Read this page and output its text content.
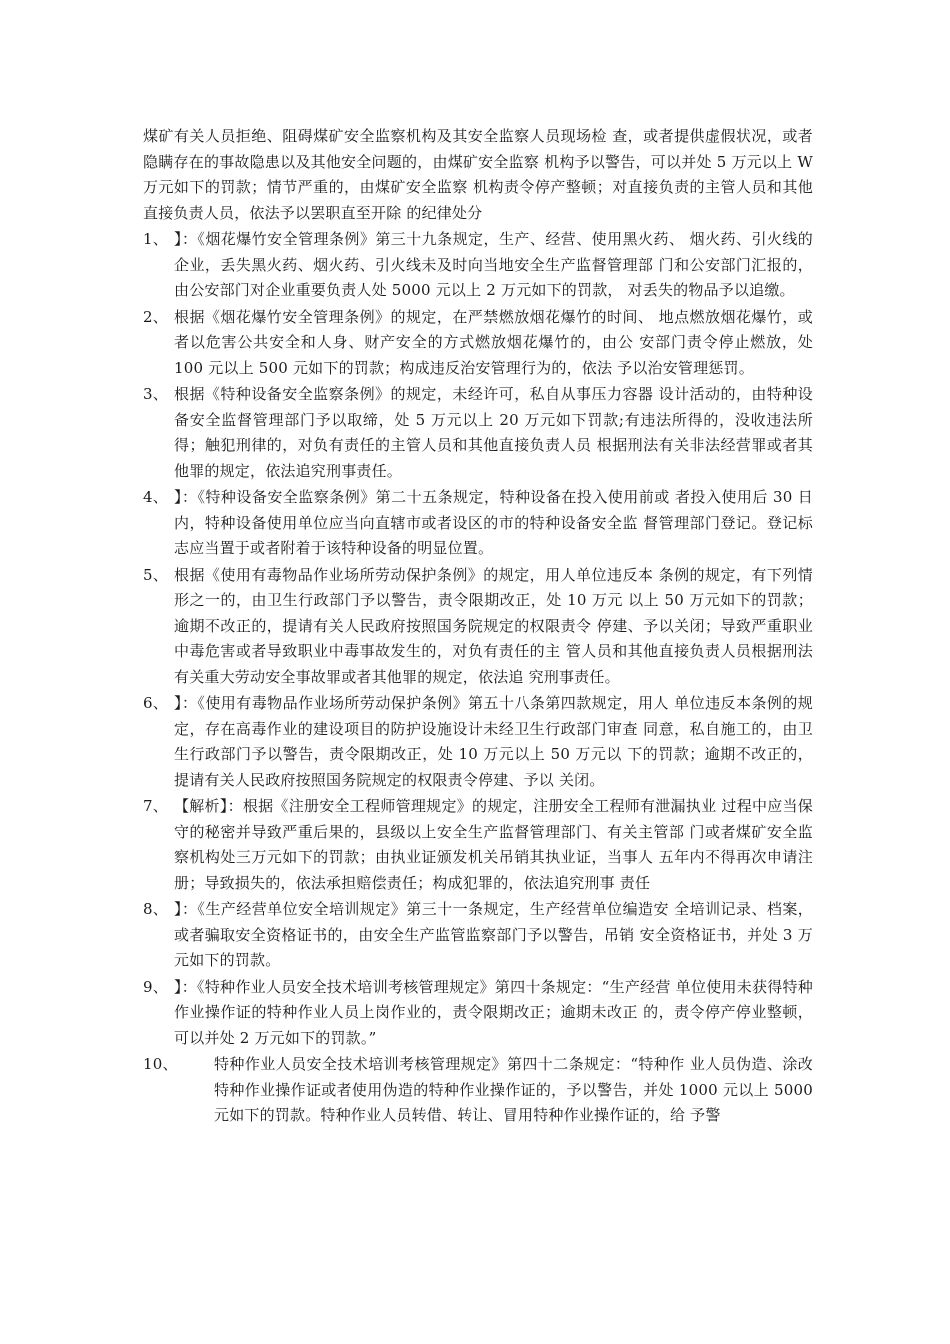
煤矿有关人员拒绝、阻碍煤矿安全监察机构及其安全监察人员现场检 查，或者提供虚假状况，或者隐瞒存在的事故隐患以及其他安全问题的，由煤矿安全监察 机构予以警告，可以并处 5 万元以上 W 万元如下的罚款；情节严重的，由煤矿安全监察 机构责令停产整顿；对直接负责的主管人员和其他直接负责人员，依法予以罢职直至开除 的纪律处分

1、 】：《烟花爆竹安全管理条例》第三十九条规定，生产、经营、使用黑火药、 烟火药、引火线的企业，丢失黑火药、烟火药、引火线未及时向当地安全生产监督管理部 门和公安部门汇报的，由公安部门对企业重要负责人处 5000 元以上 2 万元如下的罚款， 对丢失的物品予以追缴。
2、 根据《烟花爆竹安全管理条例》的规定，在严禁燃放烟花爆竹的时间、 地点燃放烟花爆竹，或者以危害公共安全和人身、财产安全的方式燃放烟花爆竹的，由公 安部门责令停止燃放，处 100 元以上 500 元如下的罚款；构成违反治安管理行为的，依法 予以治安管理惩罚。
3、 根据《特种设备安全监察条例》的规定，未经许可，私自从事压力容器 设计活动的，由特种设备安全监督管理部门予以取缔，处 5 万元以上 20 万元如下罚款;有违法所得的，没收违法所得；触犯刑律的，对负有责任的主管人员和其他直接负责人员 根据刑法有关非法经营罪或者其他罪的规定，依法追究刑事责任。
4、 】：《特种设备安全监察条例》第二十五条规定，特种设备在投入使用前或 者投入使用后 30 日内，特种设备使用单位应当向直辖市或者设区的市的特种设备安全监 督管理部门登记。登记标志应当置于或者附着于该特种设备的明显位置。
5、 根据《使用有毒物品作业场所劳动保护条例》的规定，用人单位违反本 条例的规定，有下列情形之一的，由卫生行政部门予以警告，责令限期改正，处 10 万元 以上 50 万元如下的罚款；逾期不改正的，提请有关人民政府按照国务院规定的权限责令 停建、予以关闭；导致严重职业中毒危害或者导致职业中毒事故发生的，对负有责任的主 管人员和其他直接负责人员根据刑法有关重大劳动安全事故罪或者其他罪的规定，依法追 究刑事责任。
6、 】：《使用有毒物品作业场所劳动保护条例》第五十八条第四款规定，用人 单位违反本条例的规定，存在高毒作业的建设项目的防护设施设计未经卫生行政部门审查 同意，私自施工的，由卫生行政部门予以警告，责令限期改正，处 10 万元以上 50 万元以 下的罚款；逾期不改正的，提请有关人民政府按照国务院规定的权限责令停建、予以 关闭。
7、 【解析】：根据《注册安全工程师管理规定》的规定，注册安全工程师有泄漏执业 过程中应当保守的秘密并导致严重后果的，县级以上安全生产监督管理部门、有关主管部 门或者煤矿安全监察机构处三万元如下的罚款；由执业证颁发机关吊销其执业证，当事人 五年内不得再次申请注册；导致损失的，依法承担赔偿责任；构成犯罪的，依法追究刑事 责任
8、 】：《生产经营单位安全培训规定》第三十一条规定，生产经营单位编造安 全培训记录、档案，或者骗取安全资格证书的，由安全生产监管监察部门予以警告，吊销 安全资格证书，并处 3 万元如下的罚款。
9、 】：《特种作业人员安全技术培训考核管理规定》第四十条规定：“生产经营 单位使用未获得特种作业操作证的特种作业人员上岗作业的，责令限期改正；逾期未改正 的，责令停产停业整顿，可以并处 2 万元如下的罚款。”
10、	特种作业人员安全技术培训考核管理规定》第四十二条规定：“特种作 业人员伪造、涂改特种作业操作证或者使用伪造的特种作业操作证的，予以警告，并处 1000 元以上 5000 元如下的罚款。特种作业人员转借、转让、冒用特种作业操作证的，给 予警
